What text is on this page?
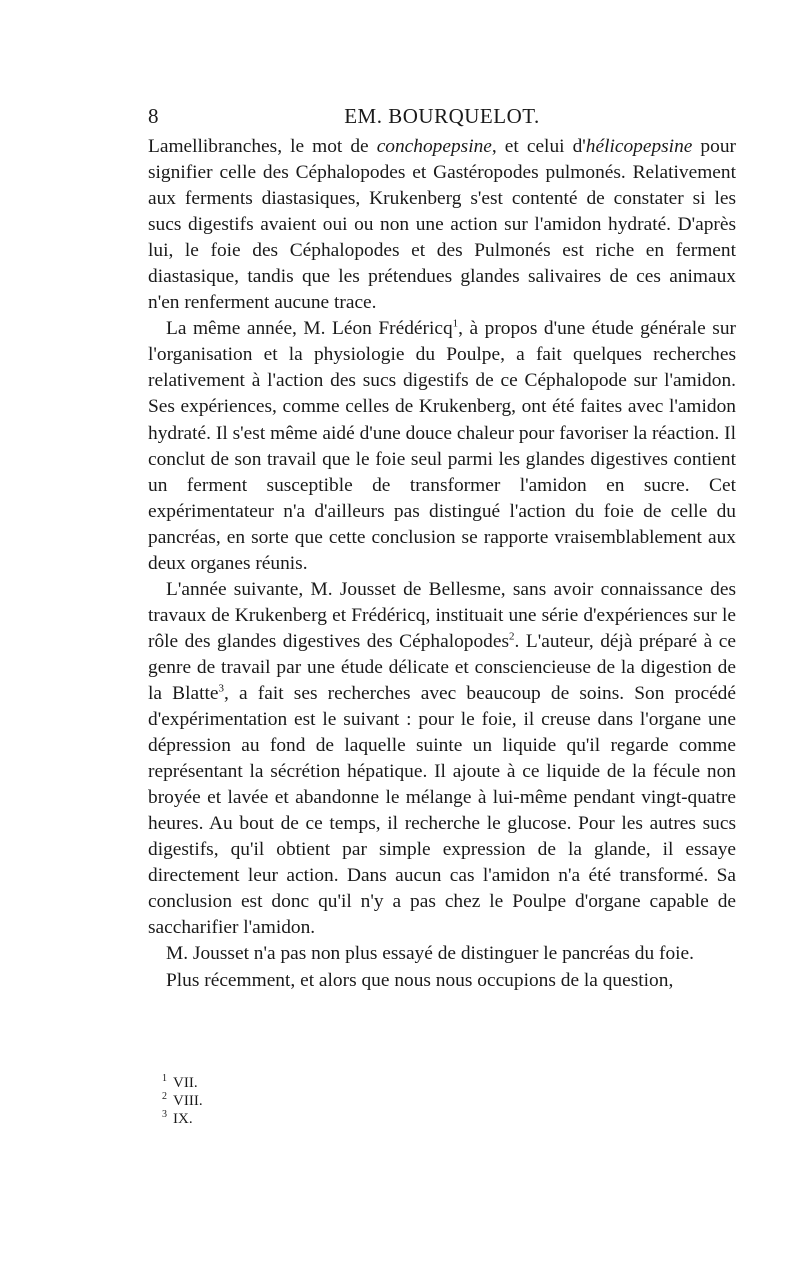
8	EM. BOURQUELOT.

Lamellibranches, le mot de conchopepsine, et celui d'hélicopepsine pour signifier celle des Céphalopodes et Gastéropodes pulmonés. Relativement aux ferments diastasiques, Krukenberg s'est contenté de constater si les sucs digestifs avaient oui ou non une action sur l'amidon hydraté. D'après lui, le foie des Céphalopodes et des Pulmonés est riche en ferment diastasique, tandis que les prétendues glandes salivaires de ces animaux n'en renferment aucune trace.

La même année, M. Léon Frédéricq$^1$, à propos d'une étude générale sur l'organisation et la physiologie du Poulpe, a fait quelques recherches relativement à l'action des sucs digestifs de ce Céphalopode sur l'amidon. Ses expériences, comme celles de Krukenberg, ont été faites avec l'amidon hydraté. Il s'est même aidé d'une douce chaleur pour favoriser la réaction. Il conclut de son travail que le foie seul parmi les glandes digestives contient un ferment susceptible de transformer l'amidon en sucre. Cet expérimentateur n'a d'ailleurs pas distingué l'action du foie de celle du pancréas, en sorte que cette conclusion se rapporte vraisemblablement aux deux organes réunis.

L'année suivante, M. Jousset de Bellesme, sans avoir connaissance des travaux de Krukenberg et Frédéricq, instituait une série d'expériences sur le rôle des glandes digestives des Céphalopodes$^2$. L'auteur, déjà préparé à ce genre de travail par une étude délicate et consciencieuse de la digestion de la Blatte$^3$, a fait ses recherches avec beaucoup de soins. Son procédé d'expérimentation est le suivant : pour le foie, il creuse dans l'organe une dépression au fond de laquelle suinte un liquide qu'il regarde comme représentant la sécrétion hépatique. Il ajoute à ce liquide de la fécule non broyée et lavée et abandonne le mélange à lui-même pendant vingt-quatre heures. Au bout de ce temps, il recherche le glucose. Pour les autres sucs digestifs, qu'il obtient par simple expression de la glande, il essaye directement leur action. Dans aucun cas l'amidon n'a été transformé. Sa conclusion est donc qu'il n'y a pas chez le Poulpe d'organe capable de saccharifier l'amidon.

M. Jousset n'a pas non plus essayé de distinguer le pancréas du foie.

Plus récemment, et alors que nous nous occupions de la question,

$^1$ VII.
$^2$ VIII.
$^3$ IX.
